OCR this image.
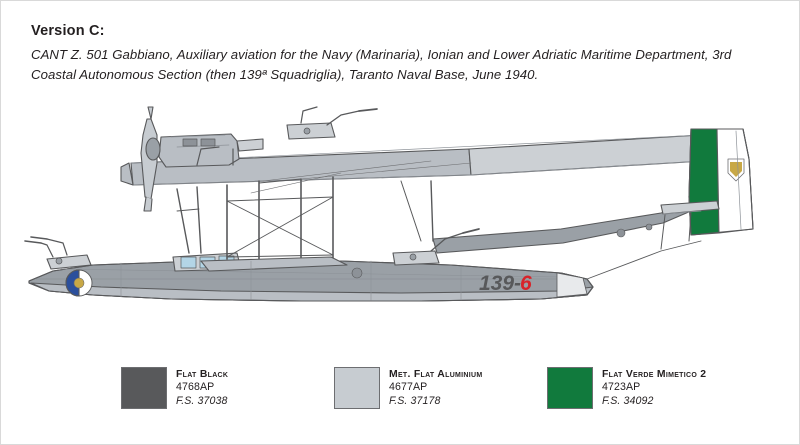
Version C:
CANT Z. 501 Gabbiano, Auxiliary aviation for the Navy (Marinaria), Ionian and Lower Adriatic Maritime Department, 3rd Coastal Autonomous Section (then 139ª Squadriglia), Taranto Naval Base, June 1940.
139-
6
Flat Black
4768AP
F.S. 37038
Met. Flat Aluminium
4677AP
F.S. 37178
Flat Verde Mimetico 2
4723AP
F.S. 34092
